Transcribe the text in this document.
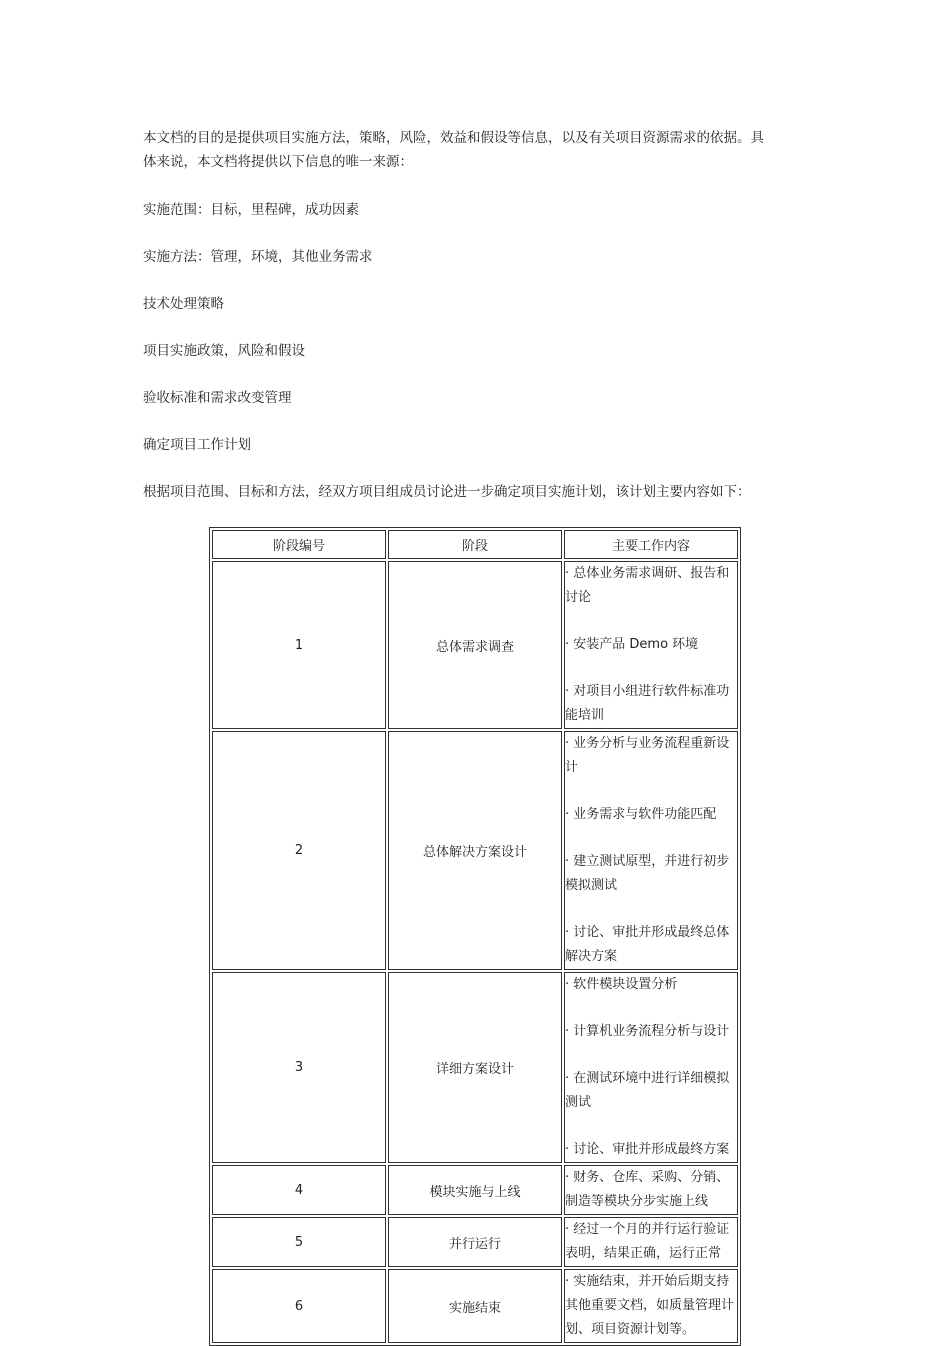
本文档的目的是提供项目实施方法，策略，风险，效益和假设等信息，以及有关项目资源需求的依据。具
体来说，本文档将提供以下信息的唯一来源：

实施范围：目标，里程碑，成功因素

实施方法：管理，环境，其他业务需求

技术处理策略

项目实施政策，风险和假设

验收标准和需求改变管理

确定项目工作计划

根据项目范围、目标和方法，经双方项目组成员讨论进一步确定项目实施计划，该计划主要内容如下：

阶段编号	阶段	主要工作内容
1	总体需求调查	· 总体业务需求调研、报告和讨论
· 安装产品 Demo 环境
· 对项目小组进行软件标准功能培训

2	总体解决方案设计	· 业务分析与业务流程重新设计
· 业务需求与软件功能匹配
· 建立测试原型，并进行初步模拟测试
· 讨论、审批并形成最终总体解决方案

3	详细方案设计	· 软件模块设置分析
· 计算机业务流程分析与设计
· 在测试环境中进行详细模拟测试
· 讨论、审批并形成最终方案

4	模块实施与上线	· 财务、仓库、采购、分销、制造等模块分步实施上线

5	并行运行	· 经过一个月的并行运行验证表明，结果正确，运行正常

6	实施结束	· 实施结束，并开始后期支持 其他重要文档，如质量管理计划、项目资源计划等。
